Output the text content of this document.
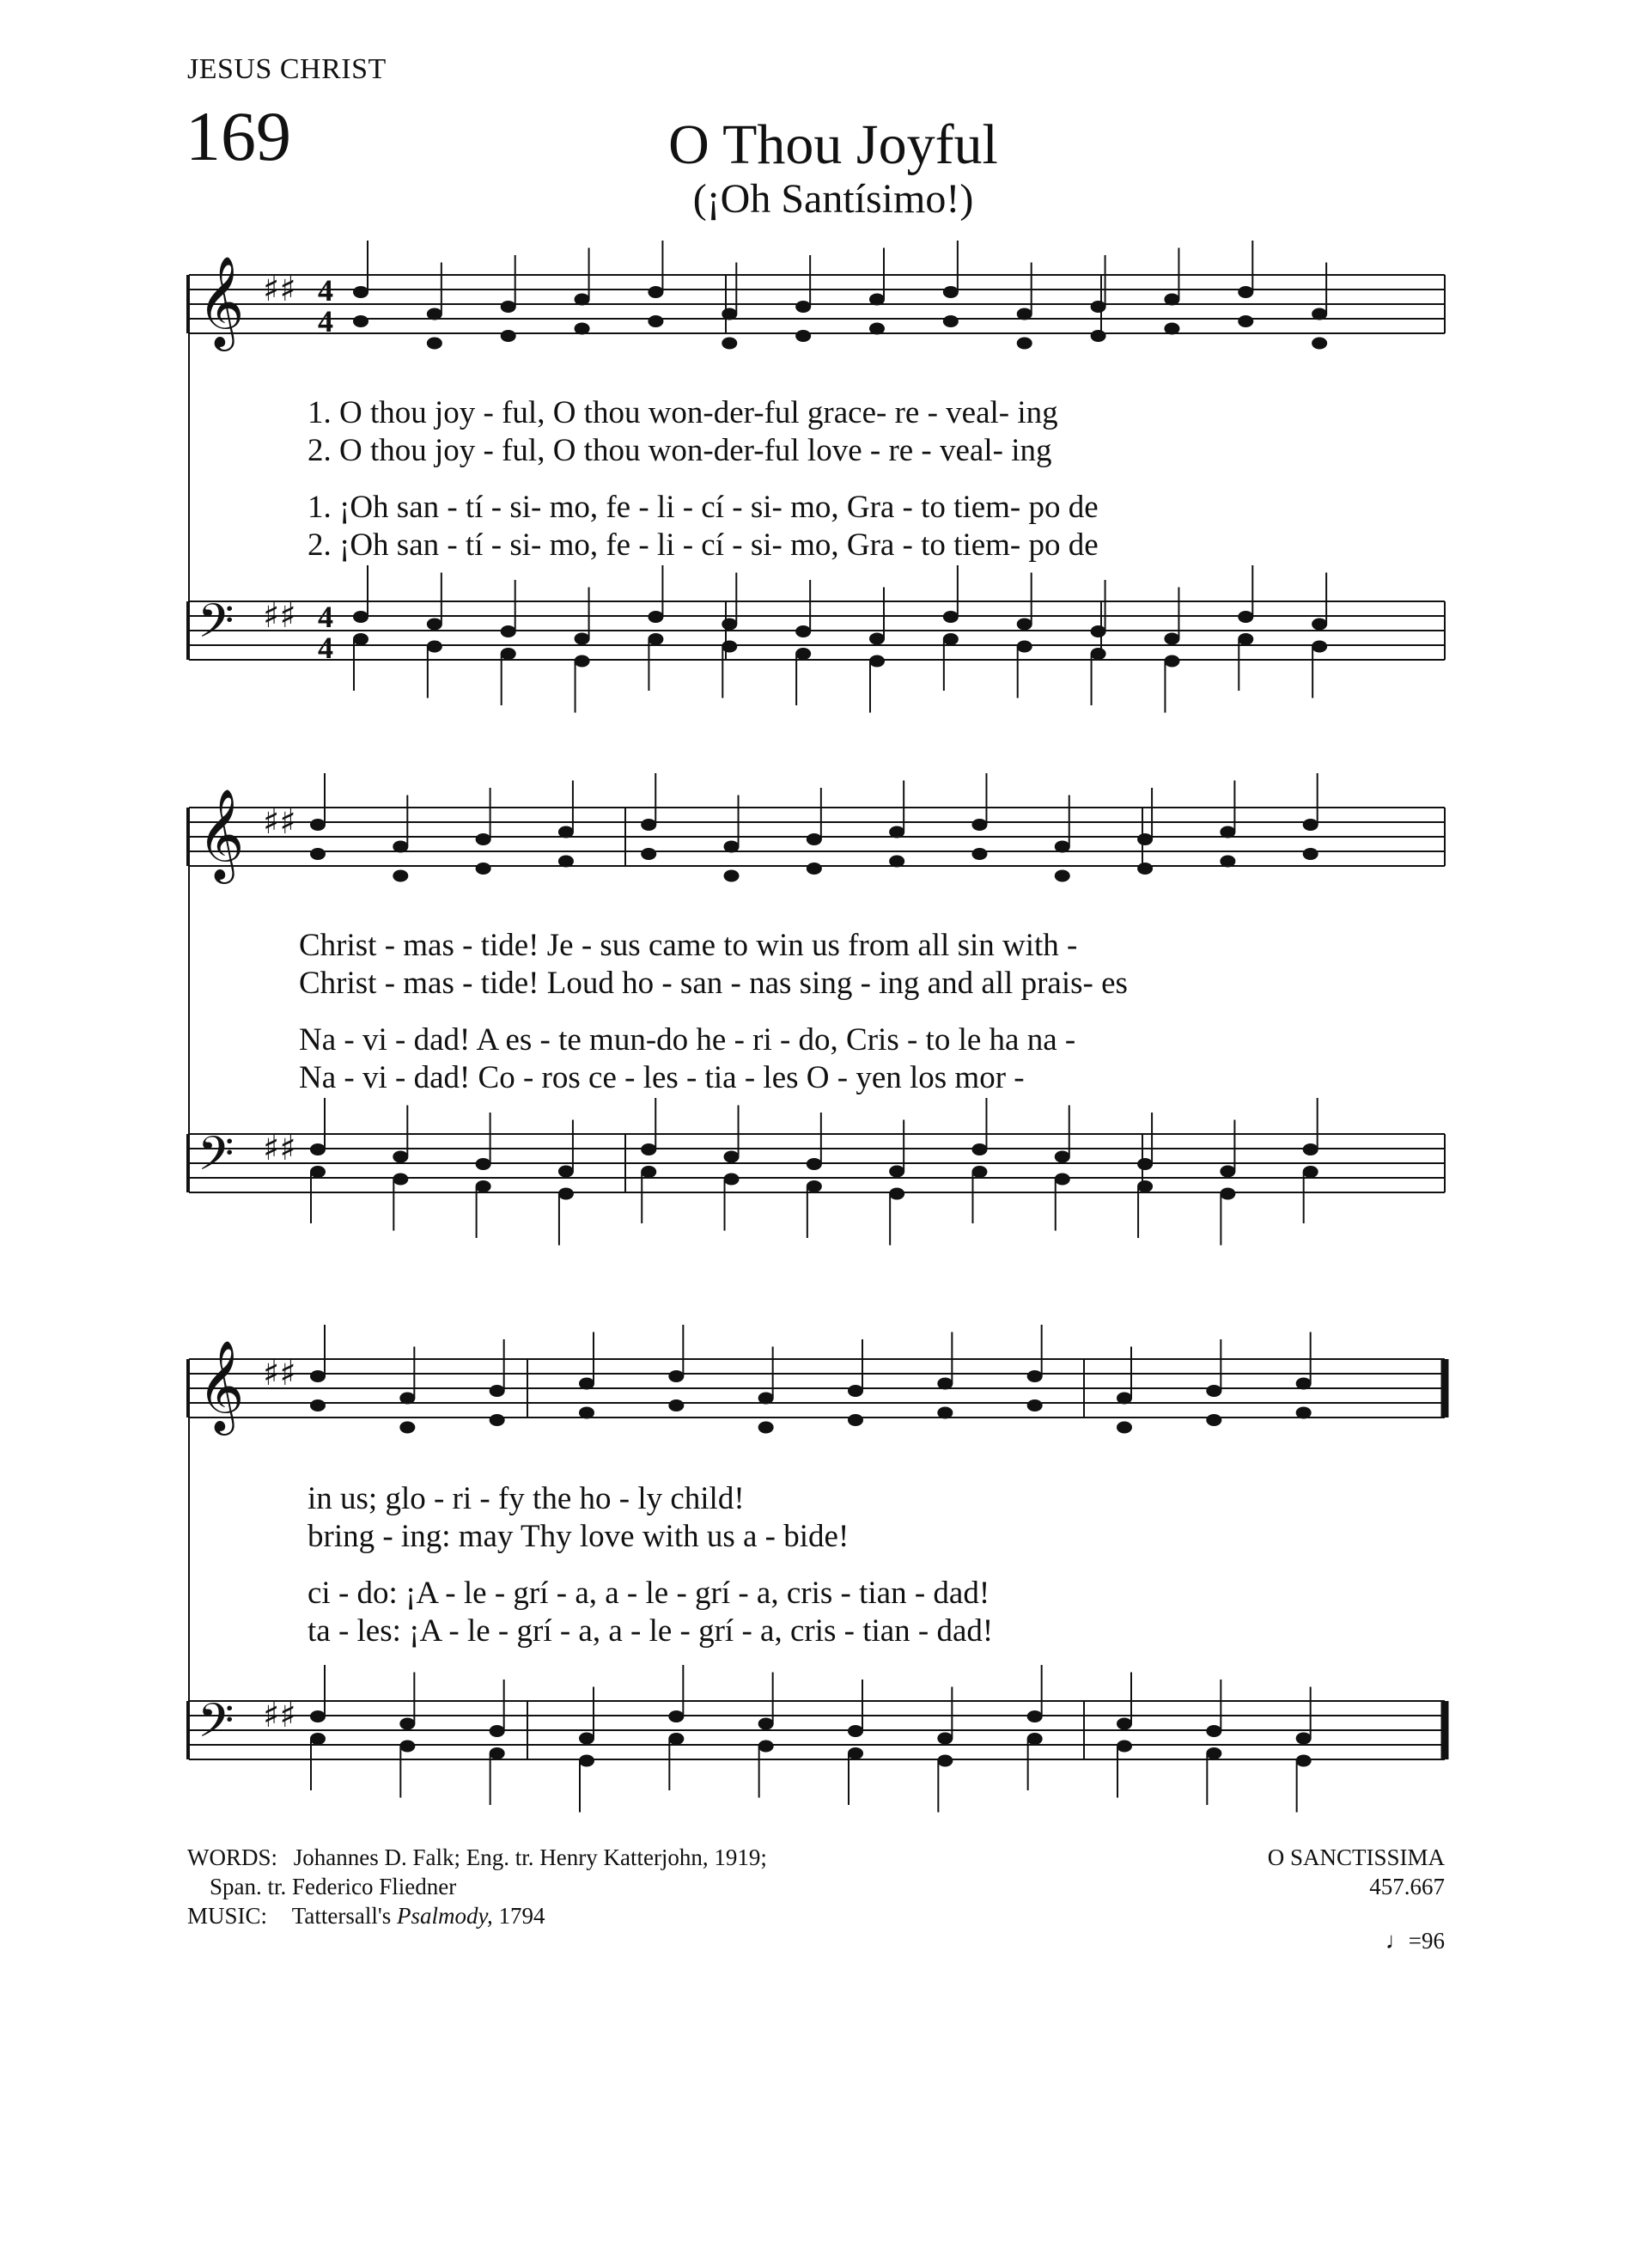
JESUS CHRIST
169	O Thou Joyful
(¡Oh Santísimo!)
𝄞 ♯♯ 4
4
𝄢 ♯♯ 4
4
𝄞 ♯♯
𝄢 ♯♯
𝄞 ♯♯
𝄢 ♯♯
1. O thou joy - ful, O thou won-der-ful grace- re - veal- ing
2. O thou joy - ful, O thou won-der-ful love - re - veal- ing
1. ¡Oh san - tí - si- mo, fe - li - cí - si- mo, Gra - to tiem- po de
2. ¡Oh san - tí - si- mo, fe - li - cí - si- mo, Gra - to tiem- po de
Christ - mas - tide! Je - sus came to win us from all sin with -
Christ - mas - tide! Loud ho - san - nas sing - ing and all prais- es
Na - vi - dad! A es - te mun-do he - ri - do, Cris - to le ha na -
Na - vi - dad! Co - ros ce - les - tia - les O - yen los mor -
in us; glo - ri - fy the ho - ly child!
bring - ing: may Thy love with us a - bide!
ci - do: ¡A - le - grí - a, a - le - grí - a, cris - tian - dad!
ta - les: ¡A - le - grí - a, a - le - grí - a, cris - tian - dad!
WORDS: Johannes D. Falk; Eng. tr. Henry Katterjohn, 1919;
Span. tr. Federico Fliedner
MUSIC: Tattersall's Psalmody, 1794
O SANCTISSIMA
457.667
♩=96
